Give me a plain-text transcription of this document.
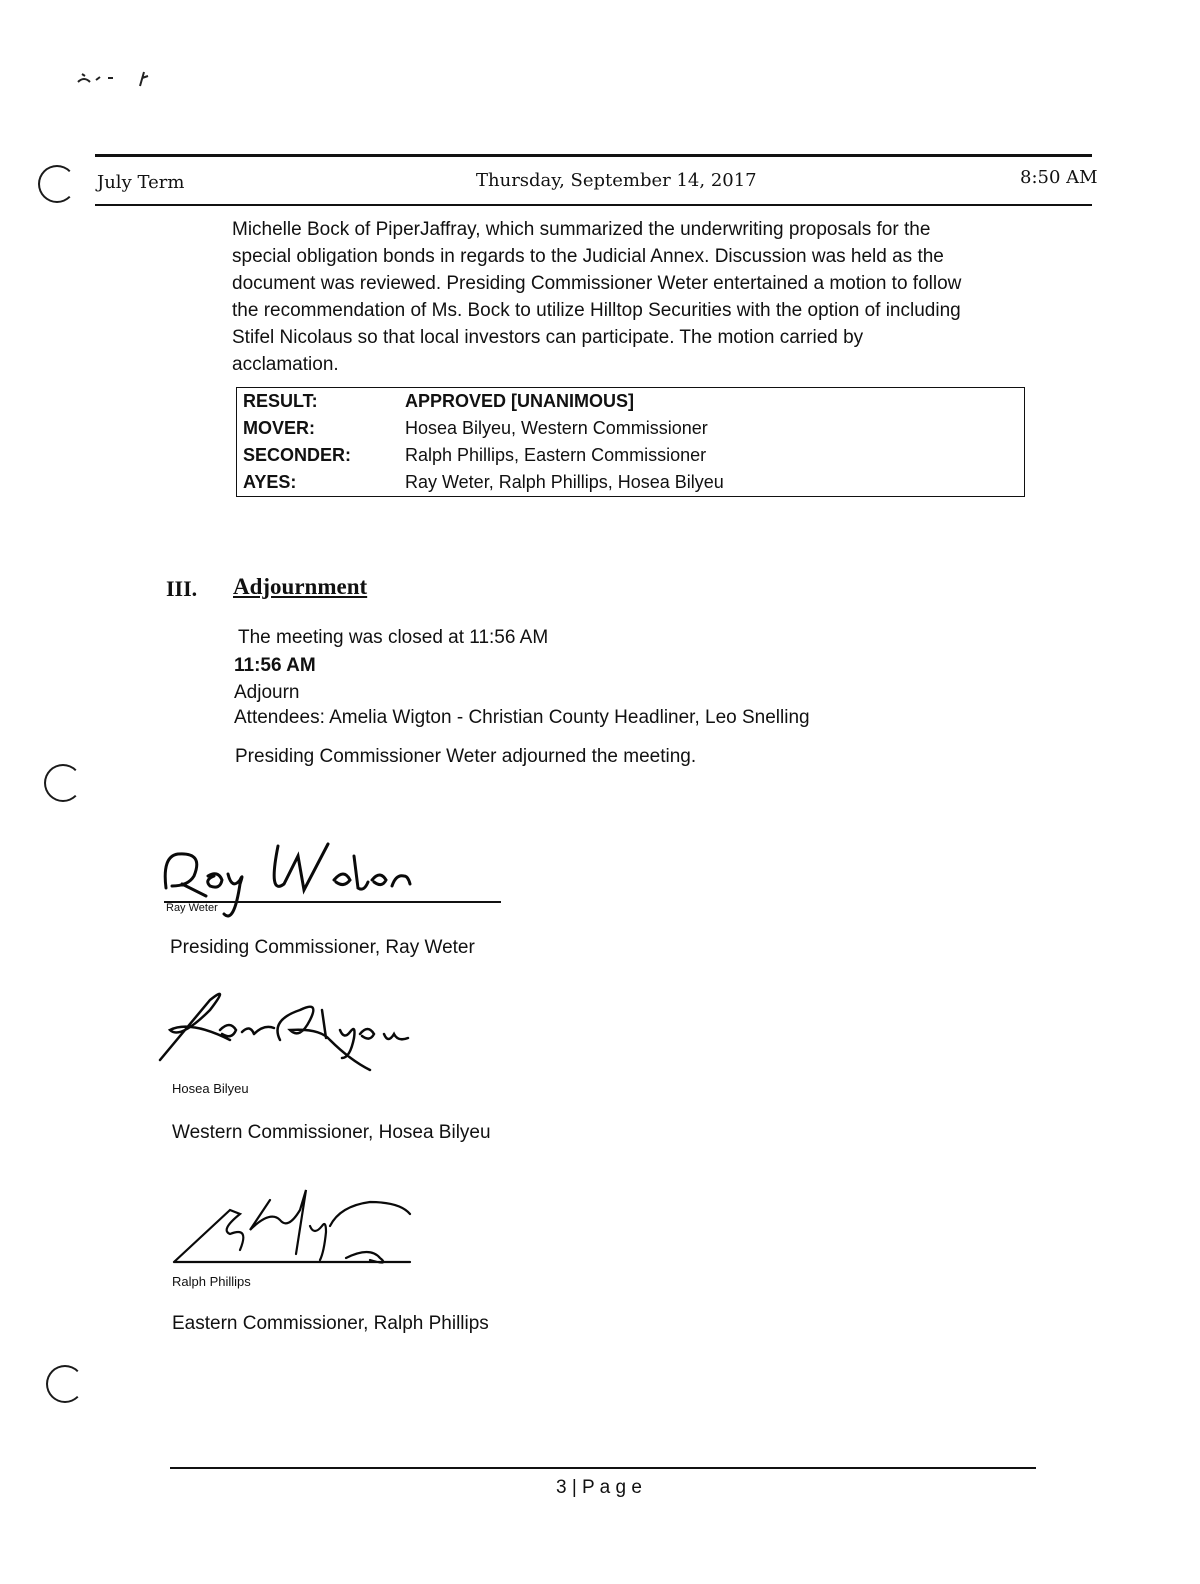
July Term	Thursday, September 14, 2017	8:50 AM
Michelle Bock of PiperJaffray, which summarized the underwriting proposals for the
special obligation bonds in regards to the Judicial Annex. Discussion was held as the
document was reviewed. Presiding Commissioner Weter entertained a motion to follow
the recommendation of Ms. Bock to utilize Hilltop Securities with the option of including
Stifel Nicolaus so that local investors can participate. The motion carried by
acclamation.
RESULT:	APPROVED [UNANIMOUS]
MOVER:	Hosea Bilyeu, Western Commissioner
SECONDER:	Ralph Phillips, Eastern Commissioner
AYES:	Ray Weter, Ralph Phillips, Hosea Bilyeu
III. Adjournment
The meeting was closed at 11:56 AM
11:56 AM
Adjourn
Attendees: Amelia Wigton - Christian County Headliner, Leo Snelling
Presiding Commissioner Weter adjourned the meeting.
Ray Weter
Presiding Commissioner, Ray Weter
Hosea Bilyeu
Western Commissioner, Hosea Bilyeu
Ralph Phillips
Eastern Commissioner, Ralph Phillips
3 | P a g e
